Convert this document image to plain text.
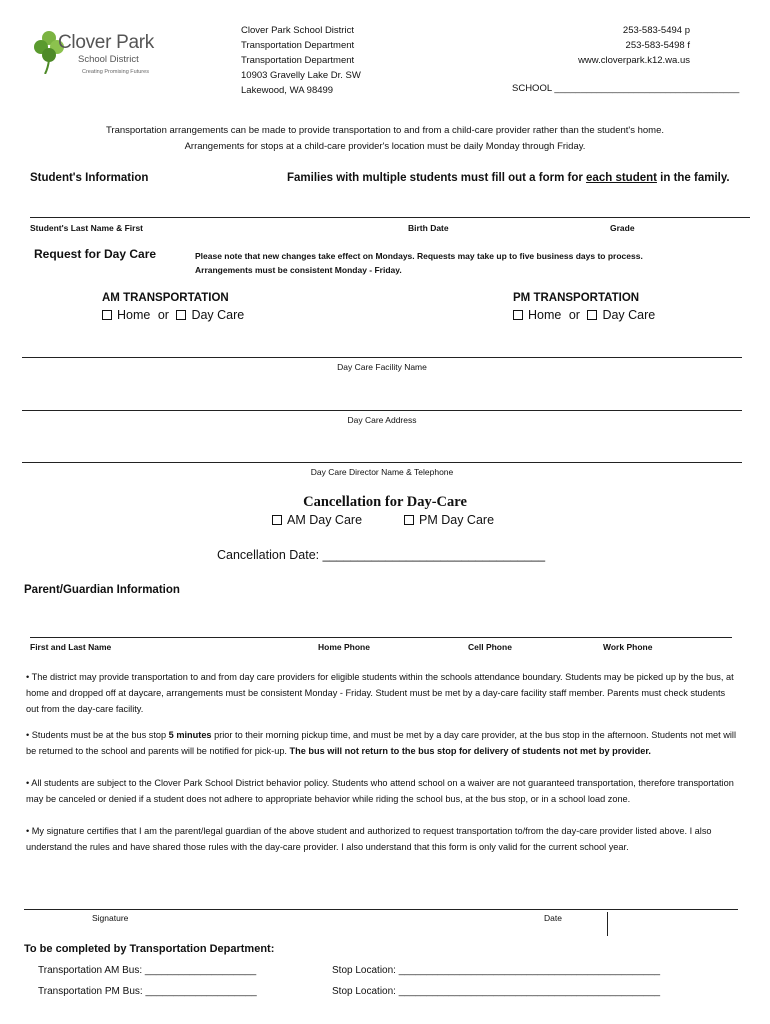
Clover Park
School District
Creating Promising Futures
Clover Park School District
Transportation Department
Transportation Department
10903 Gravelly Lake Dr. SW
Lakewood, WA 98499
253-583-5494 p
253-583-5498 f
www.cloverpark.k12.wa.us
SCHOOL ___________________________________
Transportation arrangements can be made to provide transportation to and from a child-care provider rather than the student's home.
Arrangements for stops at a child-care provider's location must be daily Monday through Friday.
Student's Information	Families with multiple students must fill out a form for each student in the family.
Student's Last Name & First	Birth Date	Grade
Request for Day Care	Please note that new changes take effect on Mondays. Requests may take up to five business days to process.
Arrangements must be consistent Monday - Friday.
AM TRANSPORTATION
Home or Day Care
PM TRANSPORTATION
Home or Day Care
Day Care Facility Name
Day Care Address
Day Care Director Name & Telephone
Cancellation for Day-Care
AM Day Care	PM Day Care
Cancellation Date: ________________________________
Parent/Guardian Information
First and Last Name	Home Phone	Cell Phone	Work Phone
• The district may provide transportation to and from day care providers for eligible students within the schools attendance boundary. Students may be picked up by the bus, at home and dropped off at daycare, arrangements must be consistent Monday - Friday. Student must be met by a day-care facility staff member. Parents must check students out from the day-care facility.
• Students must be at the bus stop 5 minutes prior to their morning pickup time, and must be met by a day care provider, at the bus stop in the afternoon. Students not met will be returned to the school and parents will be notified for pick-up. The bus will not return to the bus stop for delivery of students not met by provider.
• All students are subject to the Clover Park School District behavior policy. Students who attend school on a waiver are not guaranteed transportation, therefore transportation may be canceled or denied if a student does not adhere to appropriate behavior while riding the school bus, at the bus stop, or in a school load zone.
• My signature certifies that I am the parent/legal guardian of the above student and authorized to request transportation to/from the day-care provider listed above. I also understand the rules and have shared those rules with the day-care provider. I also understand that this form is only valid for the current school year.
Signature	Date
To be completed by Transportation Department:
Transportation AM Bus: ____________________
Transportation PM Bus: ____________________
Stop Location: _______________________________________________
Stop Location: _______________________________________________
